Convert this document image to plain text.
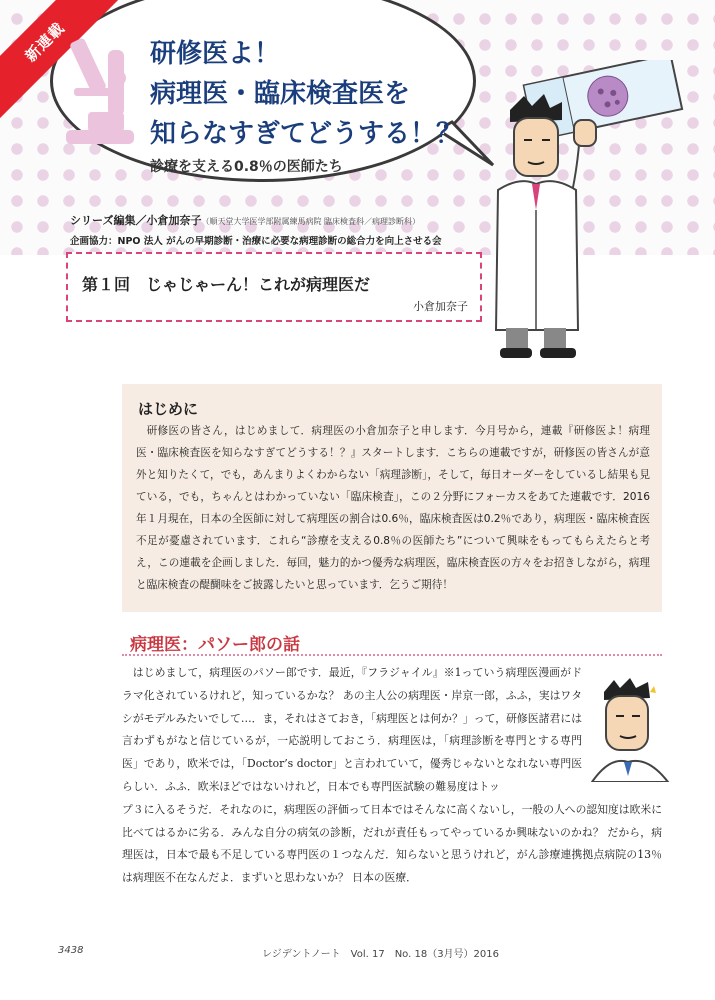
新連載	研修医よ！
病理医・臨床検査医を
知らなすぎてどうする！？
診療を支える0.8％の医師たち
シリーズ編集／小倉加奈子（順天堂大学医学部附属練馬病院 臨床検査科／病理診断科）
企画協力：NPO 法人 がんの早期診断・治療に必要な病理診断の総合力を向上させる会
第１回　じゃじゃーん！これが病理医だ
小倉加奈子
はじめに
研修医の皆さん，はじめまして．病理医の小倉加奈子と申します．今月号から，連載『研修医よ！病理医・臨床検査医を知らなすぎてどうする！？』スタートします．こちらの連載ですが，研修医の皆さんが意外と知りたくて，でも，あんまりよくわからない「病理診断」，そして，毎日オーダーをしているし結果も見ている，でも，ちゃんとはわかっていない「臨床検査」，この２分野にフォーカスをあてた連載です．2016年１月現在，日本の全医師に対して病理医の割合は0.6％，臨床検査医は0.2％であり，病理医・臨床検査医不足が憂慮されています．これら“診療を支える0.8％の医師たち”について興味をもってもらえたらと考え，この連載を企画しました．毎回，魅力的かつ優秀な病理医，臨床検査医の方々をお招きしながら，病理と臨床検査の醍醐味をご披露したいと思っています．乞うご期待！
病理医：パソー郎の話

はじめまして，病理医のパソー郎です．最近，『フラジャイル』※1っていう病理医漫画がドラマ化されているけれど，知っているかな？ あの主人公の病理医・岸京一郎，ふふ，実はワタシがモデルみたいでして…．ま，それはさておき，「病理医とは何か？」って，研修医諸君には言わずもがなと信じているが，一応説明しておこう．病理医は，「病理診断を専門とする専門医」であり，欧米では，「Doctor’s doctor」と言われていて，優秀じゃないとなれない専門医らしい．ふふ．欧米ほどではないけれど，日本でも専門医試験の難易度はトッ
プ３に入るそうだ．それなのに，病理医の評価って日本ではそんなに高くないし，一般の人への認知度は欧米に比べてはるかに劣る．みんな自分の病気の診断，だれが責任もってやっているか興味ないのかね？ だから，病理医は，日本で最も不足している専門医の１つなんだ．知らないと思うけれど，がん診療連携拠点病院の13％は病理医不在なんだよ．まずいと思わないか？ 日本の医療．

3438	レジデントノート　Vol. 17　No. 18（3月号）2016
